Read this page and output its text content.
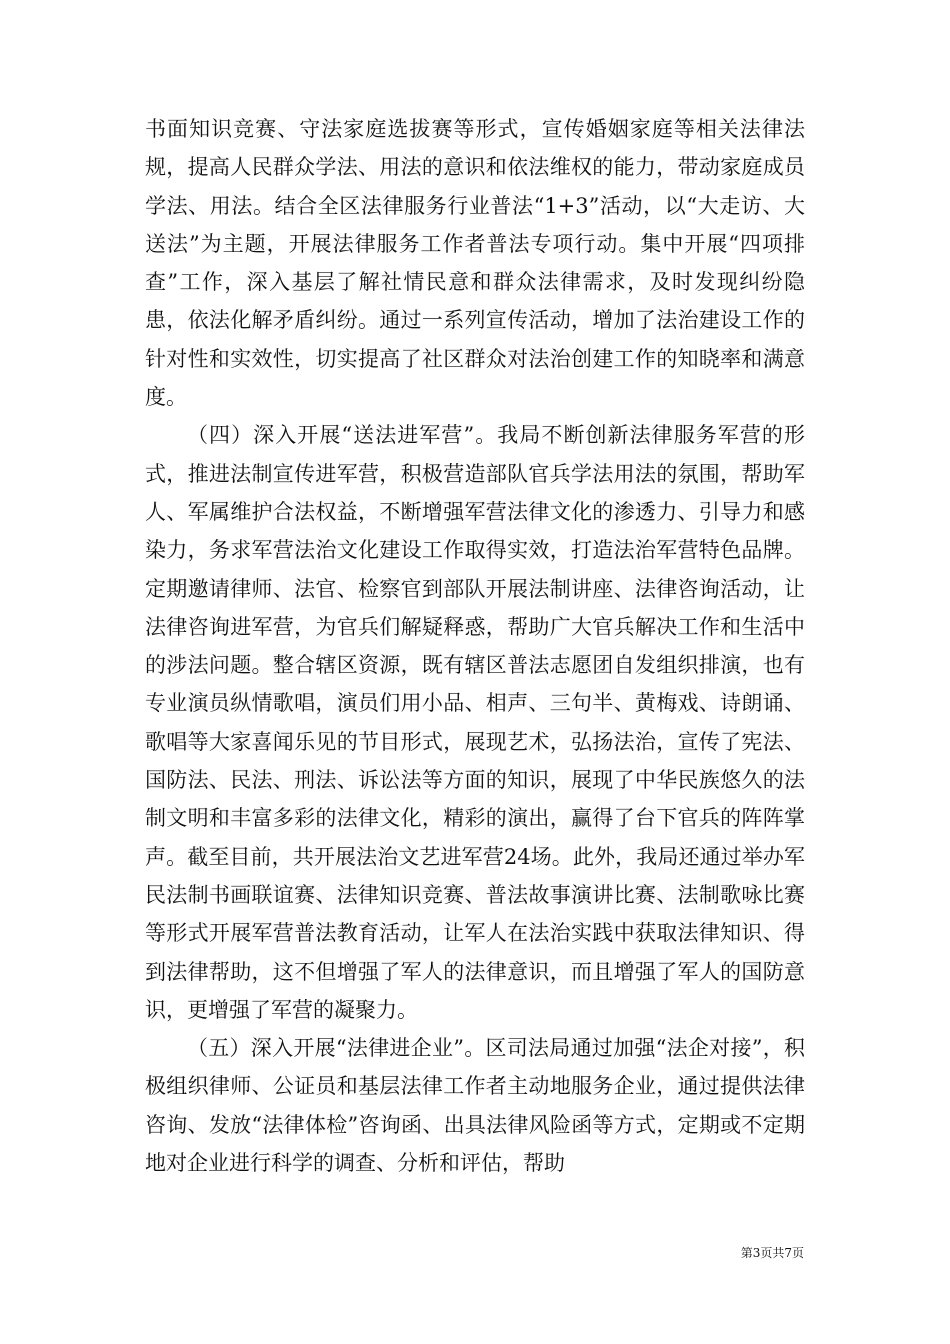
书面知识竞赛、守法家庭选拔赛等形式，宣传婚姻家庭等相关法律法规，提高人民群众学法、用法的意识和依法维权的能力，带动家庭成员学法、用法。结合全区法律服务行业普法“1+3”活动，以“大走访、大送法”为主题，开展法律服务工作者普法专项行动。集中开展“四项排查”工作，深入基层了解社情民意和群众法律需求，及时发现纠纷隐患，依法化解矛盾纠纷。通过一系列宣传活动，增加了法治建设工作的针对性和实效性，切实提高了社区群众对法治创建工作的知晓率和满意度。

（四）深入开展“送法进军营”。我局不断创新法律服务军营的形式，推进法制宣传进军营，积极营造部队官兵学法用法的氛围，帮助军人、军属维护合法权益，不断增强军营法律文化的渗透力、引导力和感染力，务求军营法治文化建设工作取得实效，打造法治军营特色品牌。定期邀请律师、法官、检察官到部队开展法制讲座、法律咨询活动，让法律咨询进军营，为官兵们解疑释惑，帮助广大官兵解决工作和生活中的涉法问题。整合辖区资源，既有辖区普法志愿团自发组织排演，也有专业演员纵情歌唱，演员们用小品、相声、三句半、黄梅戏、诗朗诵、歌唱等大家喜闻乐见的节目形式，展现艺术，弘扬法治，宣传了宪法、国防法、民法、刑法、诉讼法等方面的知识，展现了中华民族悠久的法制文明和丰富多彩的法律文化，精彩的演出，赢得了台下官兵的阵阵掌声。截至目前，共开展法治文艺进军营24场。此外，我局还通过举办军民法制书画联谊赛、法律知识竞赛、普法故事演讲比赛、法制歌咏比赛等形式开展军营普法教育活动，让军人在法治实践中获取法律知识、得到法律帮助，这不但增强了军人的法律意识，而且增强了军人的国防意识，更增强了军营的凝聚力。

（五）深入开展“法律进企业”。区司法局通过加强“法企对接”，积极组织律师、公证员和基层法律工作者主动地服务企业，通过提供法律咨询、发放“法律体检”咨询函、出具法律风险函等方式，定期或不定期地对企业进行科学的调查、分析和评估，帮助

第3页共7页
